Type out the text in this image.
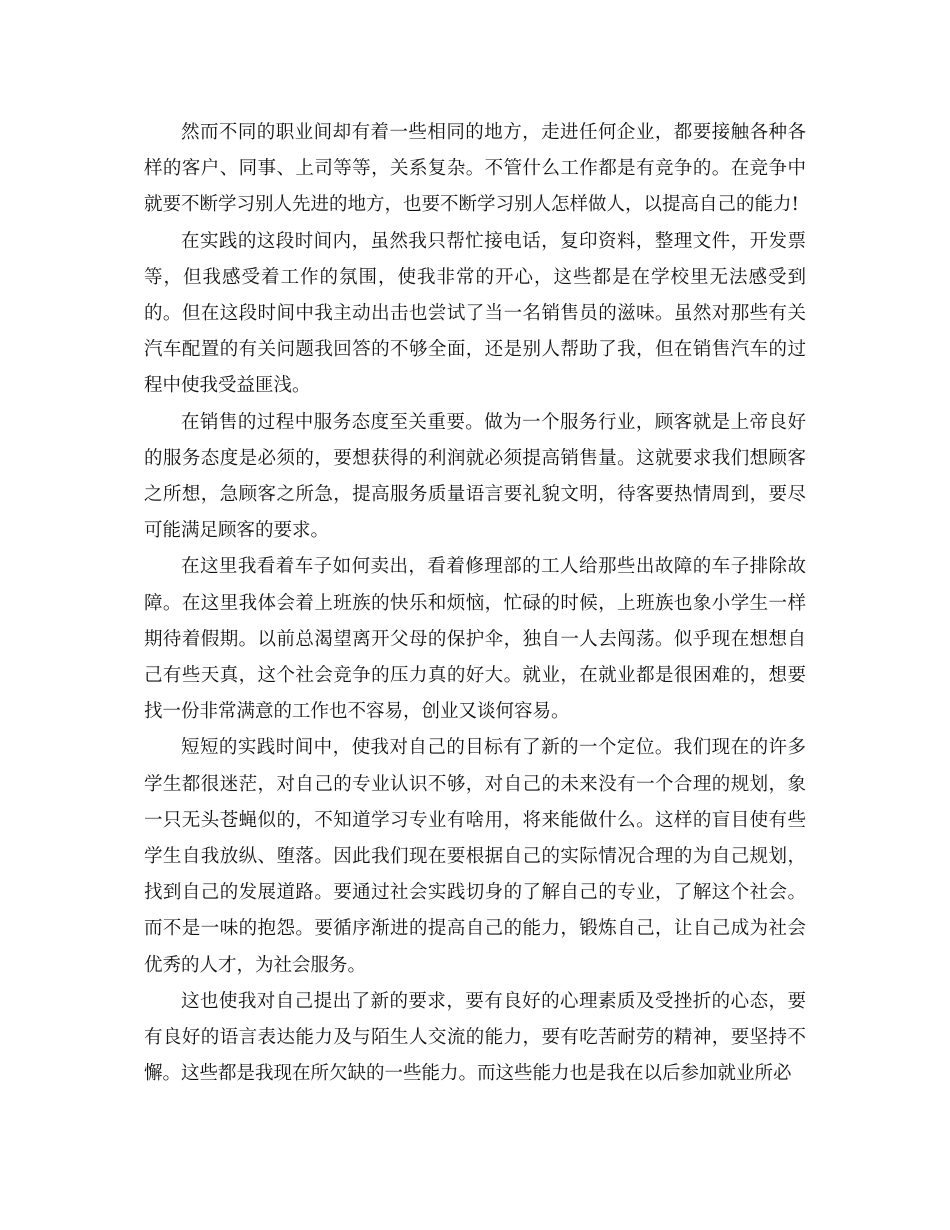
然而不同的职业间却有着一些相同的地方，走进任何企业，都要接触各种各样的客户、同事、上司等等，关系复杂。不管什么工作都是有竞争的。在竞争中就要不断学习别人先进的地方，也要不断学习别人怎样做人，以提高自己的能力!

在实践的这段时间内，虽然我只帮忙接电话，复印资料，整理文件，开发票等，但我感受着工作的氛围，使我非常的开心，这些都是在学校里无法感受到的。但在这段时间中我主动出击也尝试了当一名销售员的滋味。虽然对那些有关汽车配置的有关问题我回答的不够全面，还是别人帮助了我，但在销售汽车的过程中使我受益匪浅。

在销售的过程中服务态度至关重要。做为一个服务行业，顾客就是上帝良好的服务态度是必须的，要想获得的利润就必须提高销售量。这就要求我们想顾客之所想，急顾客之所急，提高服务质量语言要礼貌文明，待客要热情周到，要尽可能满足顾客的要求。

在这里我看着车子如何卖出，看着修理部的工人给那些出故障的车子排除故障。在这里我体会着上班族的快乐和烦恼，忙碌的时候，上班族也象小学生一样期待着假期。以前总渴望离开父母的保护伞，独自一人去闯荡。似乎现在想想自己有些天真，这个社会竞争的压力真的好大。就业，在就业都是很困难的，想要找一份非常满意的工作也不容易，创业又谈何容易。

短短的实践时间中，使我对自己的目标有了新的一个定位。我们现在的许多学生都很迷茫，对自己的专业认识不够，对自己的未来没有一个合理的规划，象一只无头苍蝇似的，不知道学习专业有啥用，将来能做什么。这样的盲目使有些学生自我放纵、堕落。因此我们现在要根据自己的实际情况合理的为自己规划，找到自己的发展道路。要通过社会实践切身的了解自己的专业，了解这个社会。而不是一味的抱怨。要循序渐进的提高自己的能力，锻炼自己，让自己成为社会优秀的人才，为社会服务。

这也使我对自己提出了新的要求，要有良好的心理素质及受挫折的心态，要有良好的语言表达能力及与陌生人交流的能力，要有吃苦耐劳的精神，要坚持不懈。这些都是我现在所欠缺的一些能力。而这些能力也是我在以后参加就业所必
